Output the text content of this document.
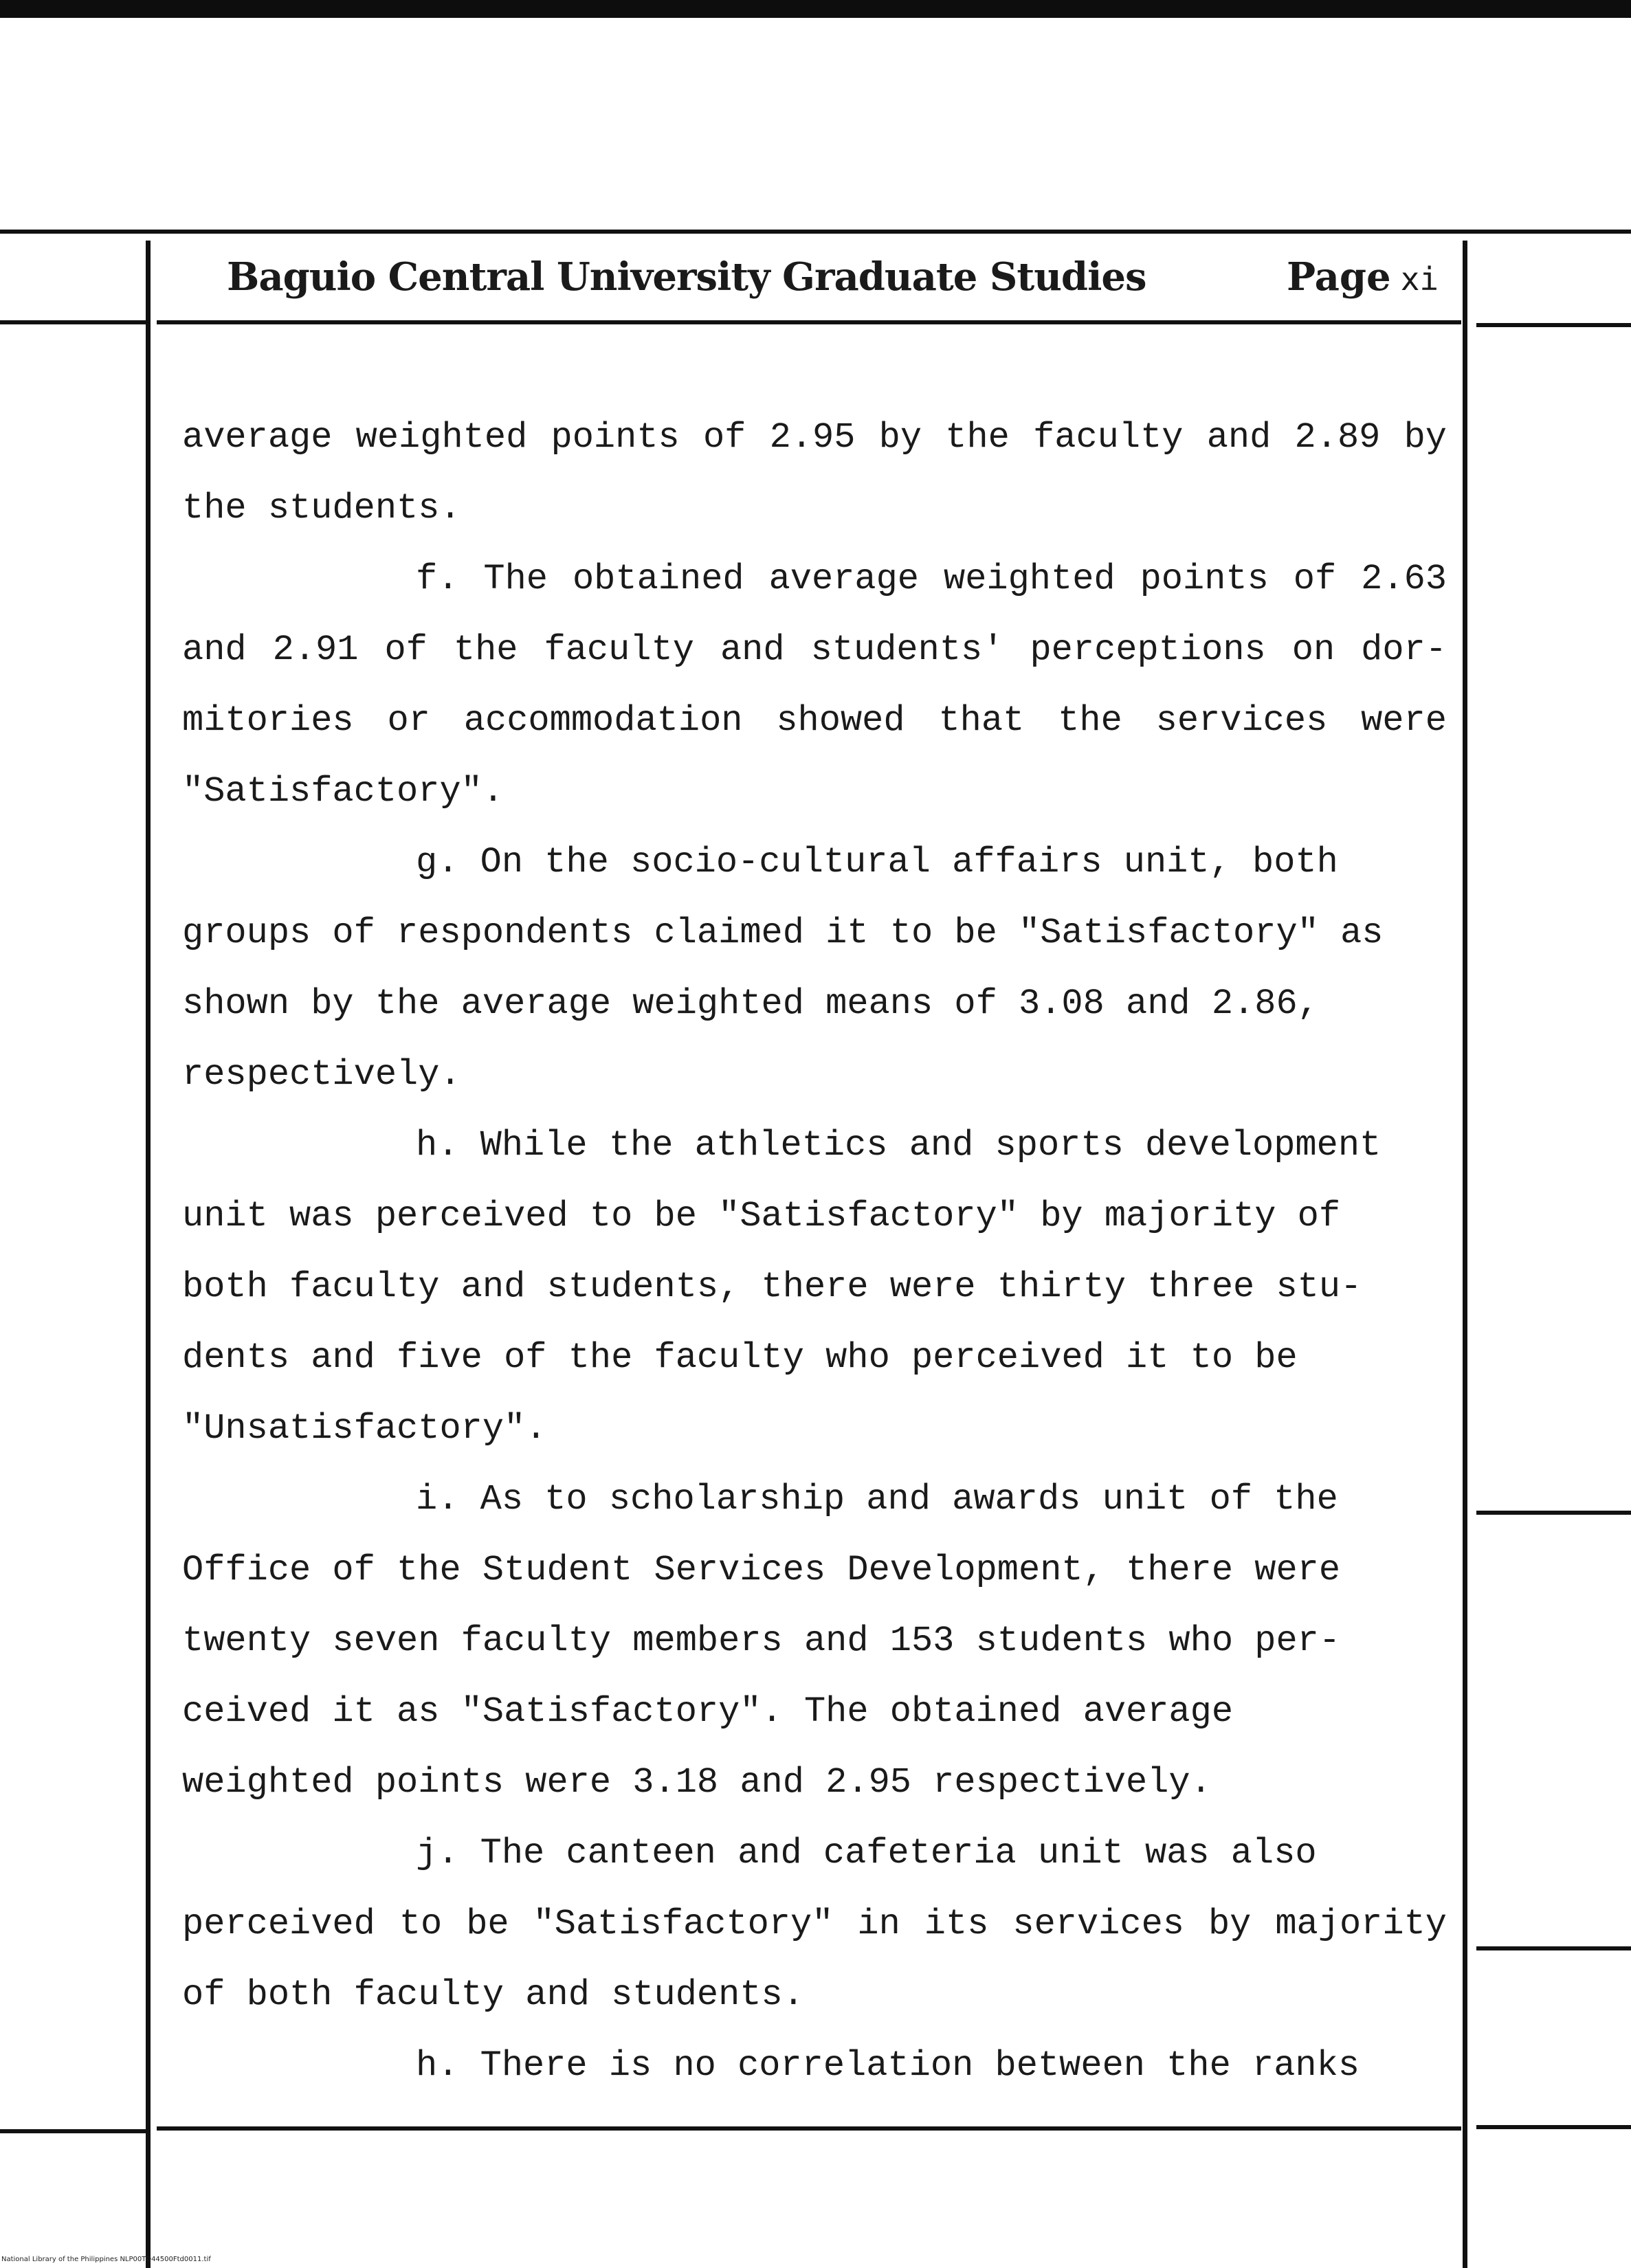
Baguio Central University Graduate Studies	Page xi
average weighted points of 2.95 by the faculty and 2.89 by
the students.
f. The obtained average weighted points of 2.63
and 2.91 of the faculty and students' perceptions on dor-
mitories or accommodation showed that the services were
"Satisfactory".
g. On the socio-cultural affairs unit, both
groups of respondents claimed it to be "Satisfactory" as
shown by the average weighted means of 3.08 and 2.86,
respectively.
h. While the athletics and sports development
unit was perceived to be "Satisfactory" by majority of
both faculty and students, there were thirty three stu-
dents and five of the faculty who perceived it to be
"Unsatisfactory".
i. As to scholarship and awards unit of the
Office of the Student Services Development, there were
twenty seven faculty members and 153 students who per-
ceived it as "Satisfactory". The obtained average
weighted points were 3.18 and 2.95 respectively.
j. The canteen and cafeteria unit was also
perceived to be "Satisfactory" in its services by majority
of both faculty and students.
h. There is no correlation between the ranks
National Library of the Philippines NLP00TD44500Ftd0011.tif
